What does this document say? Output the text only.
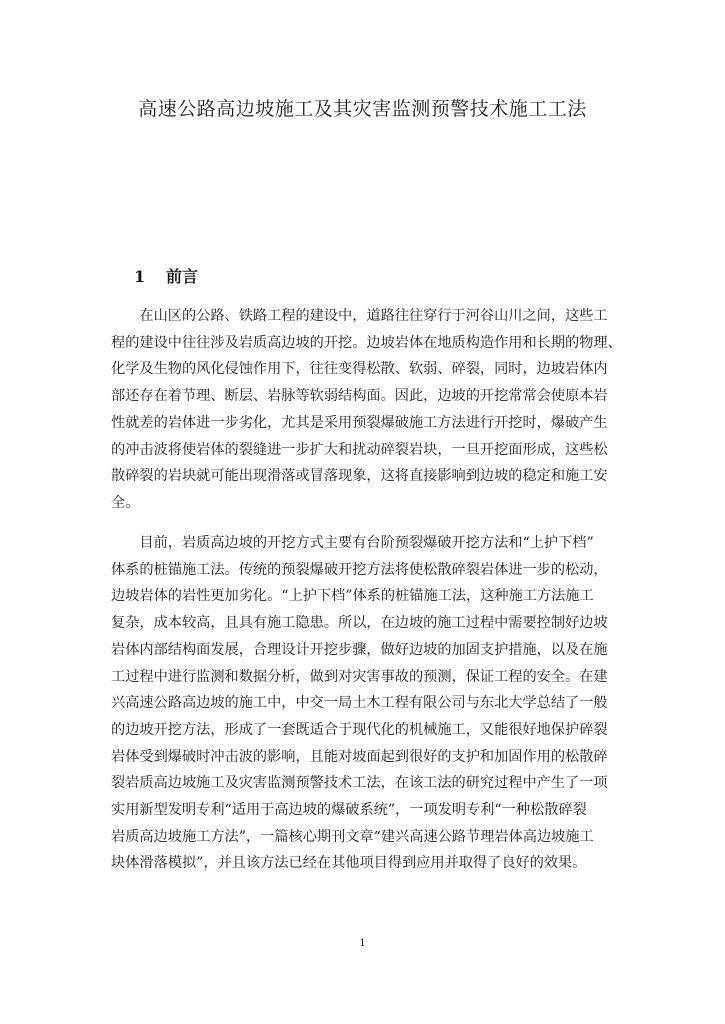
高速公路高边坡施工及其灾害监测预警技术施工工法
1 前言
　　在山区的公路、铁路工程的建设中，道路往往穿行于河谷山川之间，这些工
程的建设中往往涉及岩质高边坡的开挖。边坡岩体在地质构造作用和长期的物理、
化学及生物的风化侵蚀作用下，往往变得松散、软弱、碎裂，同时，边坡岩体内
部还存在着节理、断层、岩脉等软弱结构面。因此，边坡的开挖常常会使原本岩
性就差的岩体进一步劣化，尤其是采用预裂爆破施工方法进行开挖时，爆破产生
的冲击波将使岩体的裂缝进一步扩大和扰动碎裂岩块，一旦开挖面形成，这些松
散碎裂的岩块就可能出现滑落或冒落现象，这将直接影响到边坡的稳定和施工安
全。
　　目前，岩质高边坡的开挖方式主要有台阶预裂爆破开挖方法和“上护下档”
体系的桩锚施工法。传统的预裂爆破开挖方法将使松散碎裂岩体进一步的松动，
边坡岩体的岩性更加劣化。“上护下档”体系的桩锚施工法，这种施工方法施工
复杂，成本较高，且具有施工隐患。所以，在边坡的施工过程中需要控制好边坡
岩体内部结构面发展，合理设计开挖步骤，做好边坡的加固支护措施，以及在施
工过程中进行监测和数据分析，做到对灾害事故的预测，保证工程的安全。在建
兴高速公路高边坡的施工中，中交一局土木工程有限公司与东北大学总结了一般
的边坡开挖方法，形成了一套既适合于现代化的机械施工，又能很好地保护碎裂
岩体受到爆破时冲击波的影响，且能对坡面起到很好的支护和加固作用的松散碎
裂岩质高边坡施工及灾害监测预警技术工法，在该工法的研究过程中产生了一项
实用新型发明专利“适用于高边坡的爆破系统”，一项发明专利“一种松散碎裂
岩质高边坡施工方法”，一篇核心期刊文章“建兴高速公路节理岩体高边坡施工
块体滑落模拟”，并且该方法已经在其他项目得到应用并取得了良好的效果。
1
